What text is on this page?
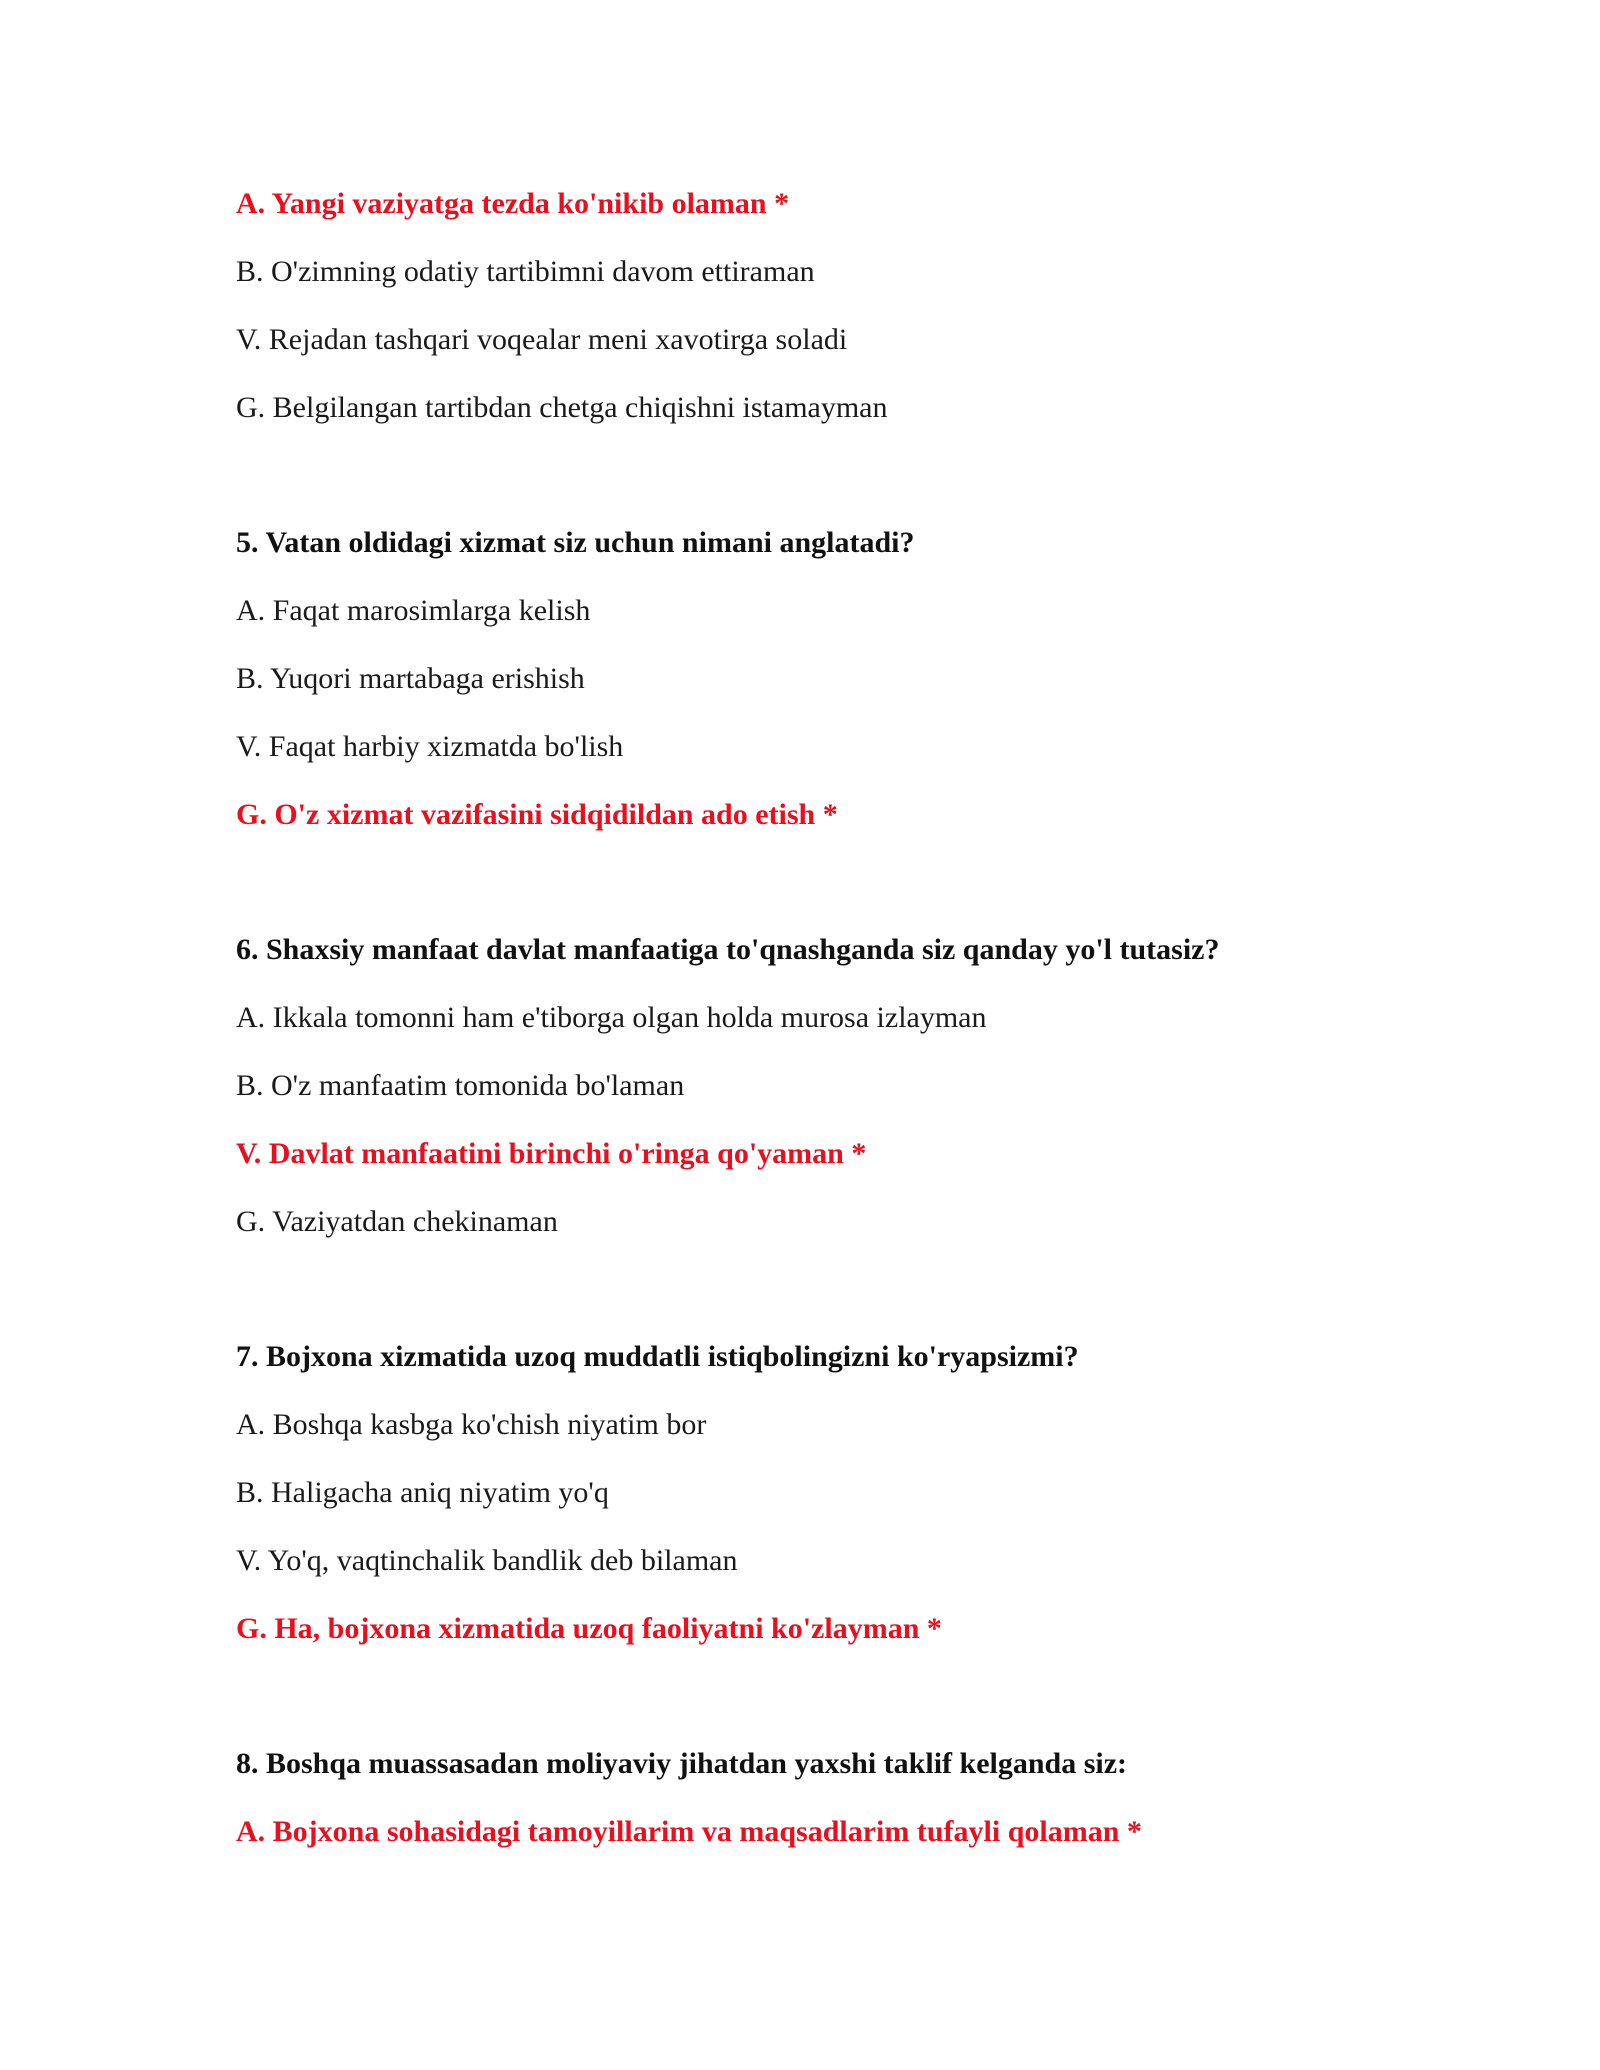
A. Yangi vaziyatga tezda ko'nikib olaman *
B. O'zimning odatiy tartibimni davom ettiraman
V. Rejadan tashqari voqealar meni xavotirga soladi
G. Belgilangan tartibdan chetga chiqishni istamayman
5. Vatan oldidagi xizmat siz uchun nimani anglatadi?
A. Faqat marosimlarga kelish
B. Yuqori martabaga erishish
V. Faqat harbiy xizmatda bo'lish
G. O'z xizmat vazifasini sidqidildan ado etish *
6. Shaxsiy manfaat davlat manfaatiga to'qnashganda siz qanday yo'l tutasiz?
A. Ikkala tomonni ham e'tiborga olgan holda murosa izlayman
B. O'z manfaatim tomonida bo'laman
V. Davlat manfaatini birinchi o'ringa qo'yaman *
G. Vaziyatdan chekinaman
7. Bojxona xizmatida uzoq muddatli istiqbolingizni ko'ryapsizmi?
A. Boshqa kasbga ko'chish niyatim bor
B. Haligacha aniq niyatim yo'q
V. Yo'q, vaqtinchalik bandlik deb bilaman
G. Ha, bojxona xizmatida uzoq faoliyatni ko'zlayman *
8. Boshqa muassasadan moliyaviy jihatdan yaxshi taklif kelganda siz:
A. Bojxona sohasidagi tamoyillarim va maqsadlarim tufayli qolaman *
